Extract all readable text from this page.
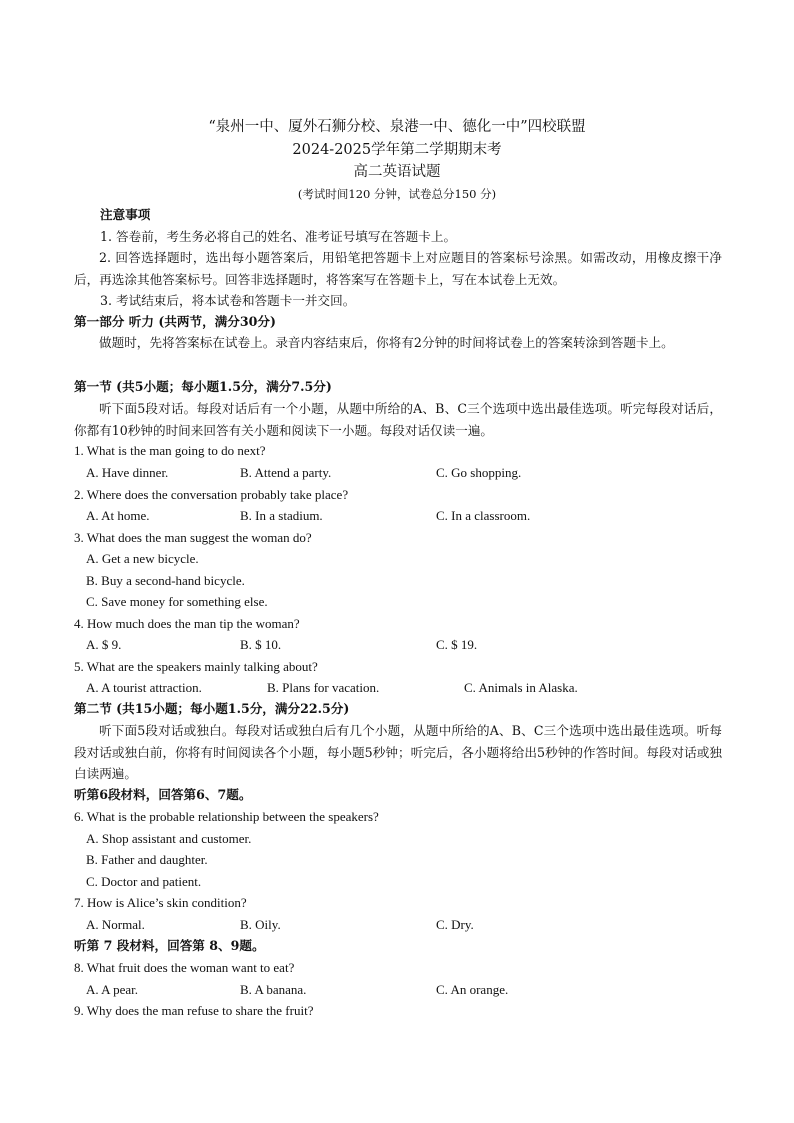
“泉州一中、厦外石狮分校、泉港一中、德化一中”四校联盟
2024-2025学年第二学期期末考
高二英语试题
(考试时间120 分钟，试卷总分150 分)
注意事项
1. 答卷前，考生务必将自己的姓名、准考证号填写在答题卡上。
2. 回答选择题时，选出每小题答案后，用铅笔把答题卡上对应题目的答案标号涂黑。如需改动，用橡皮擦干净后，再选涂其他答案标号。回答非选择题时，将答案写在答题卡上，写在本试卷上无效。
3. 考试结束后，将本试卷和答题卡一并交回。
第一部分 听力 (共两节，满分30分)
做题时，先将答案标在试卷上。录音内容结束后，你将有2分钟的时间将试卷上的答案转涂到答题卡上。
第一节 (共5小题；每小题1.5分，满分7.5分)
听下面5段对话。每段对话后有一个小题，从题中所给的A、B、C三个选项中选出最佳选项。听完每段对话后，你都有10秒钟的时间来回答有关小题和阅读下一小题。每段对话仅读一遍。
1. What is the man going to do next?
A. Have dinner.	B. Attend a party.	C. Go shopping.
2. Where does the conversation probably take place?
A. At home.	B. In a stadium.	C. In a classroom.
3. What does the man suggest the woman do?
A. Get a new bicycle.
B. Buy a second-hand bicycle.
C. Save money for something else.
4. How much does the man tip the woman?
A. $ 9.	B. $ 10.	C. $ 19.
5. What are the speakers mainly talking about?
A. A tourist attraction.	B. Plans for vacation.	C. Animals in Alaska.
第二节 (共15小题；每小题1.5分，满分22.5分)
听下面5段对话或独白。每段对话或独白后有几个小题，从题中所给的A、B、C三个选项中选出最佳选项。听每段对话或独白前，你将有时间阅读各个小题，每小题5秒钟；听完后，各小题将给出5秒钟的作答时间。每段对话或独白读两遍。
听第6段材料，回答第6、7题。
6. What is the probable relationship between the speakers?
A. Shop assistant and customer.
B. Father and daughter.
C. Doctor and patient.
7. How is Alice’s skin condition?
A. Normal.	B. Oily.	C. Dry.
听第 7 段材料，回答第 8、9题。
8. What fruit does the woman want to eat?
A. A pear.	B. A banana.	C. An orange.
9. Why does the man refuse to share the fruit?
